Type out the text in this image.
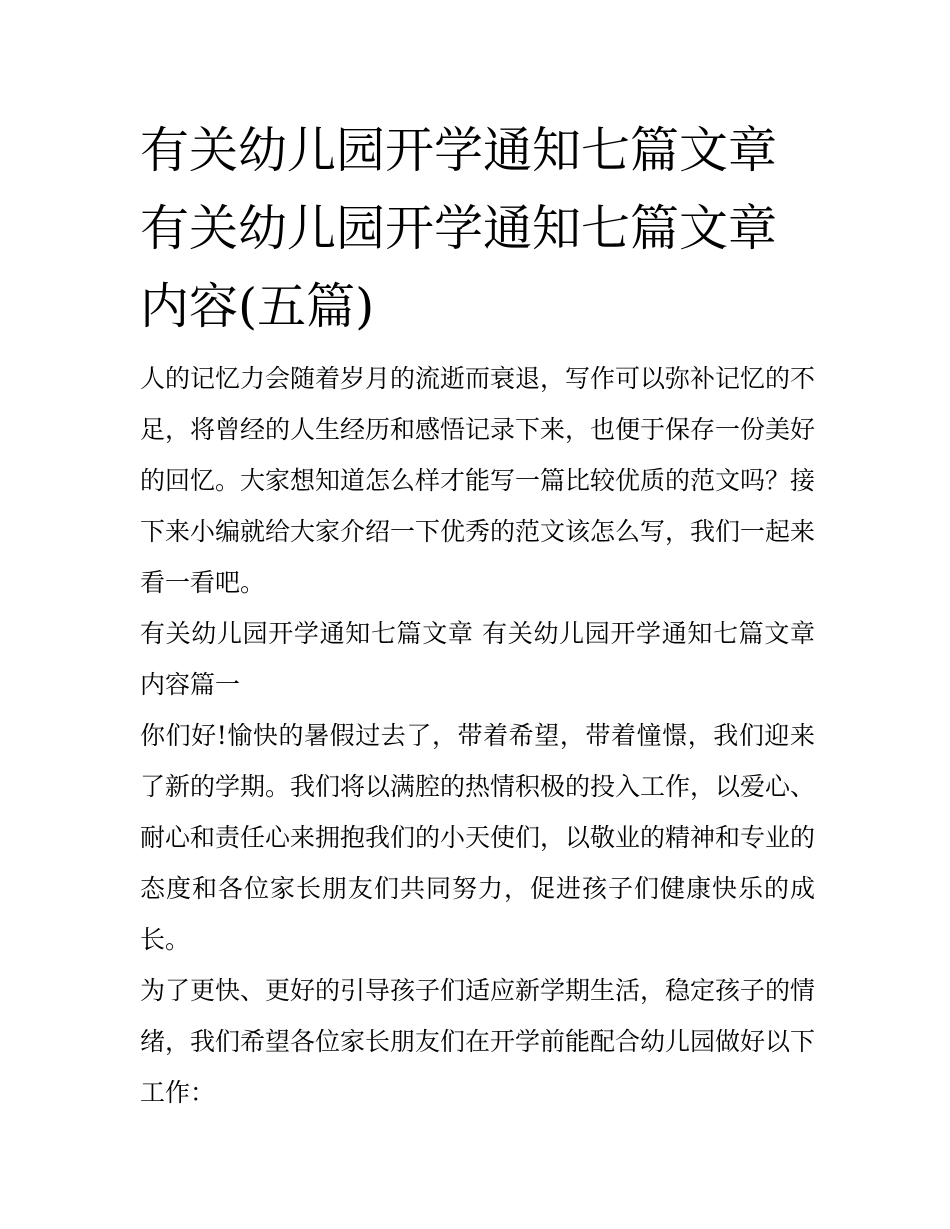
有关幼儿园开学通知七篇文章 有关幼儿园开学通知七篇文章内容(五篇)

人的记忆力会随着岁月的流逝而衰退，写作可以弥补记忆的不足，将曾经的人生经历和感悟记录下来，也便于保存一份美好的回忆。大家想知道怎么样才能写一篇比较优质的范文吗？接下来小编就给大家介绍一下优秀的范文该怎么写，我们一起来看一看吧。

有关幼儿园开学通知七篇文章 有关幼儿园开学通知七篇文章内容篇一

你们好!愉快的暑假过去了，带着希望，带着憧憬，我们迎来了新的学期。我们将以满腔的热情积极的投入工作，以爱心、耐心和责任心来拥抱我们的小天使们，以敬业的精神和专业的态度和各位家长朋友们共同努力，促进孩子们健康快乐的成长。

为了更快、更好的引导孩子们适应新学期生活，稳定孩子的情绪，我们希望各位家长朋友们在开学前能配合幼儿园做好以下工作：
